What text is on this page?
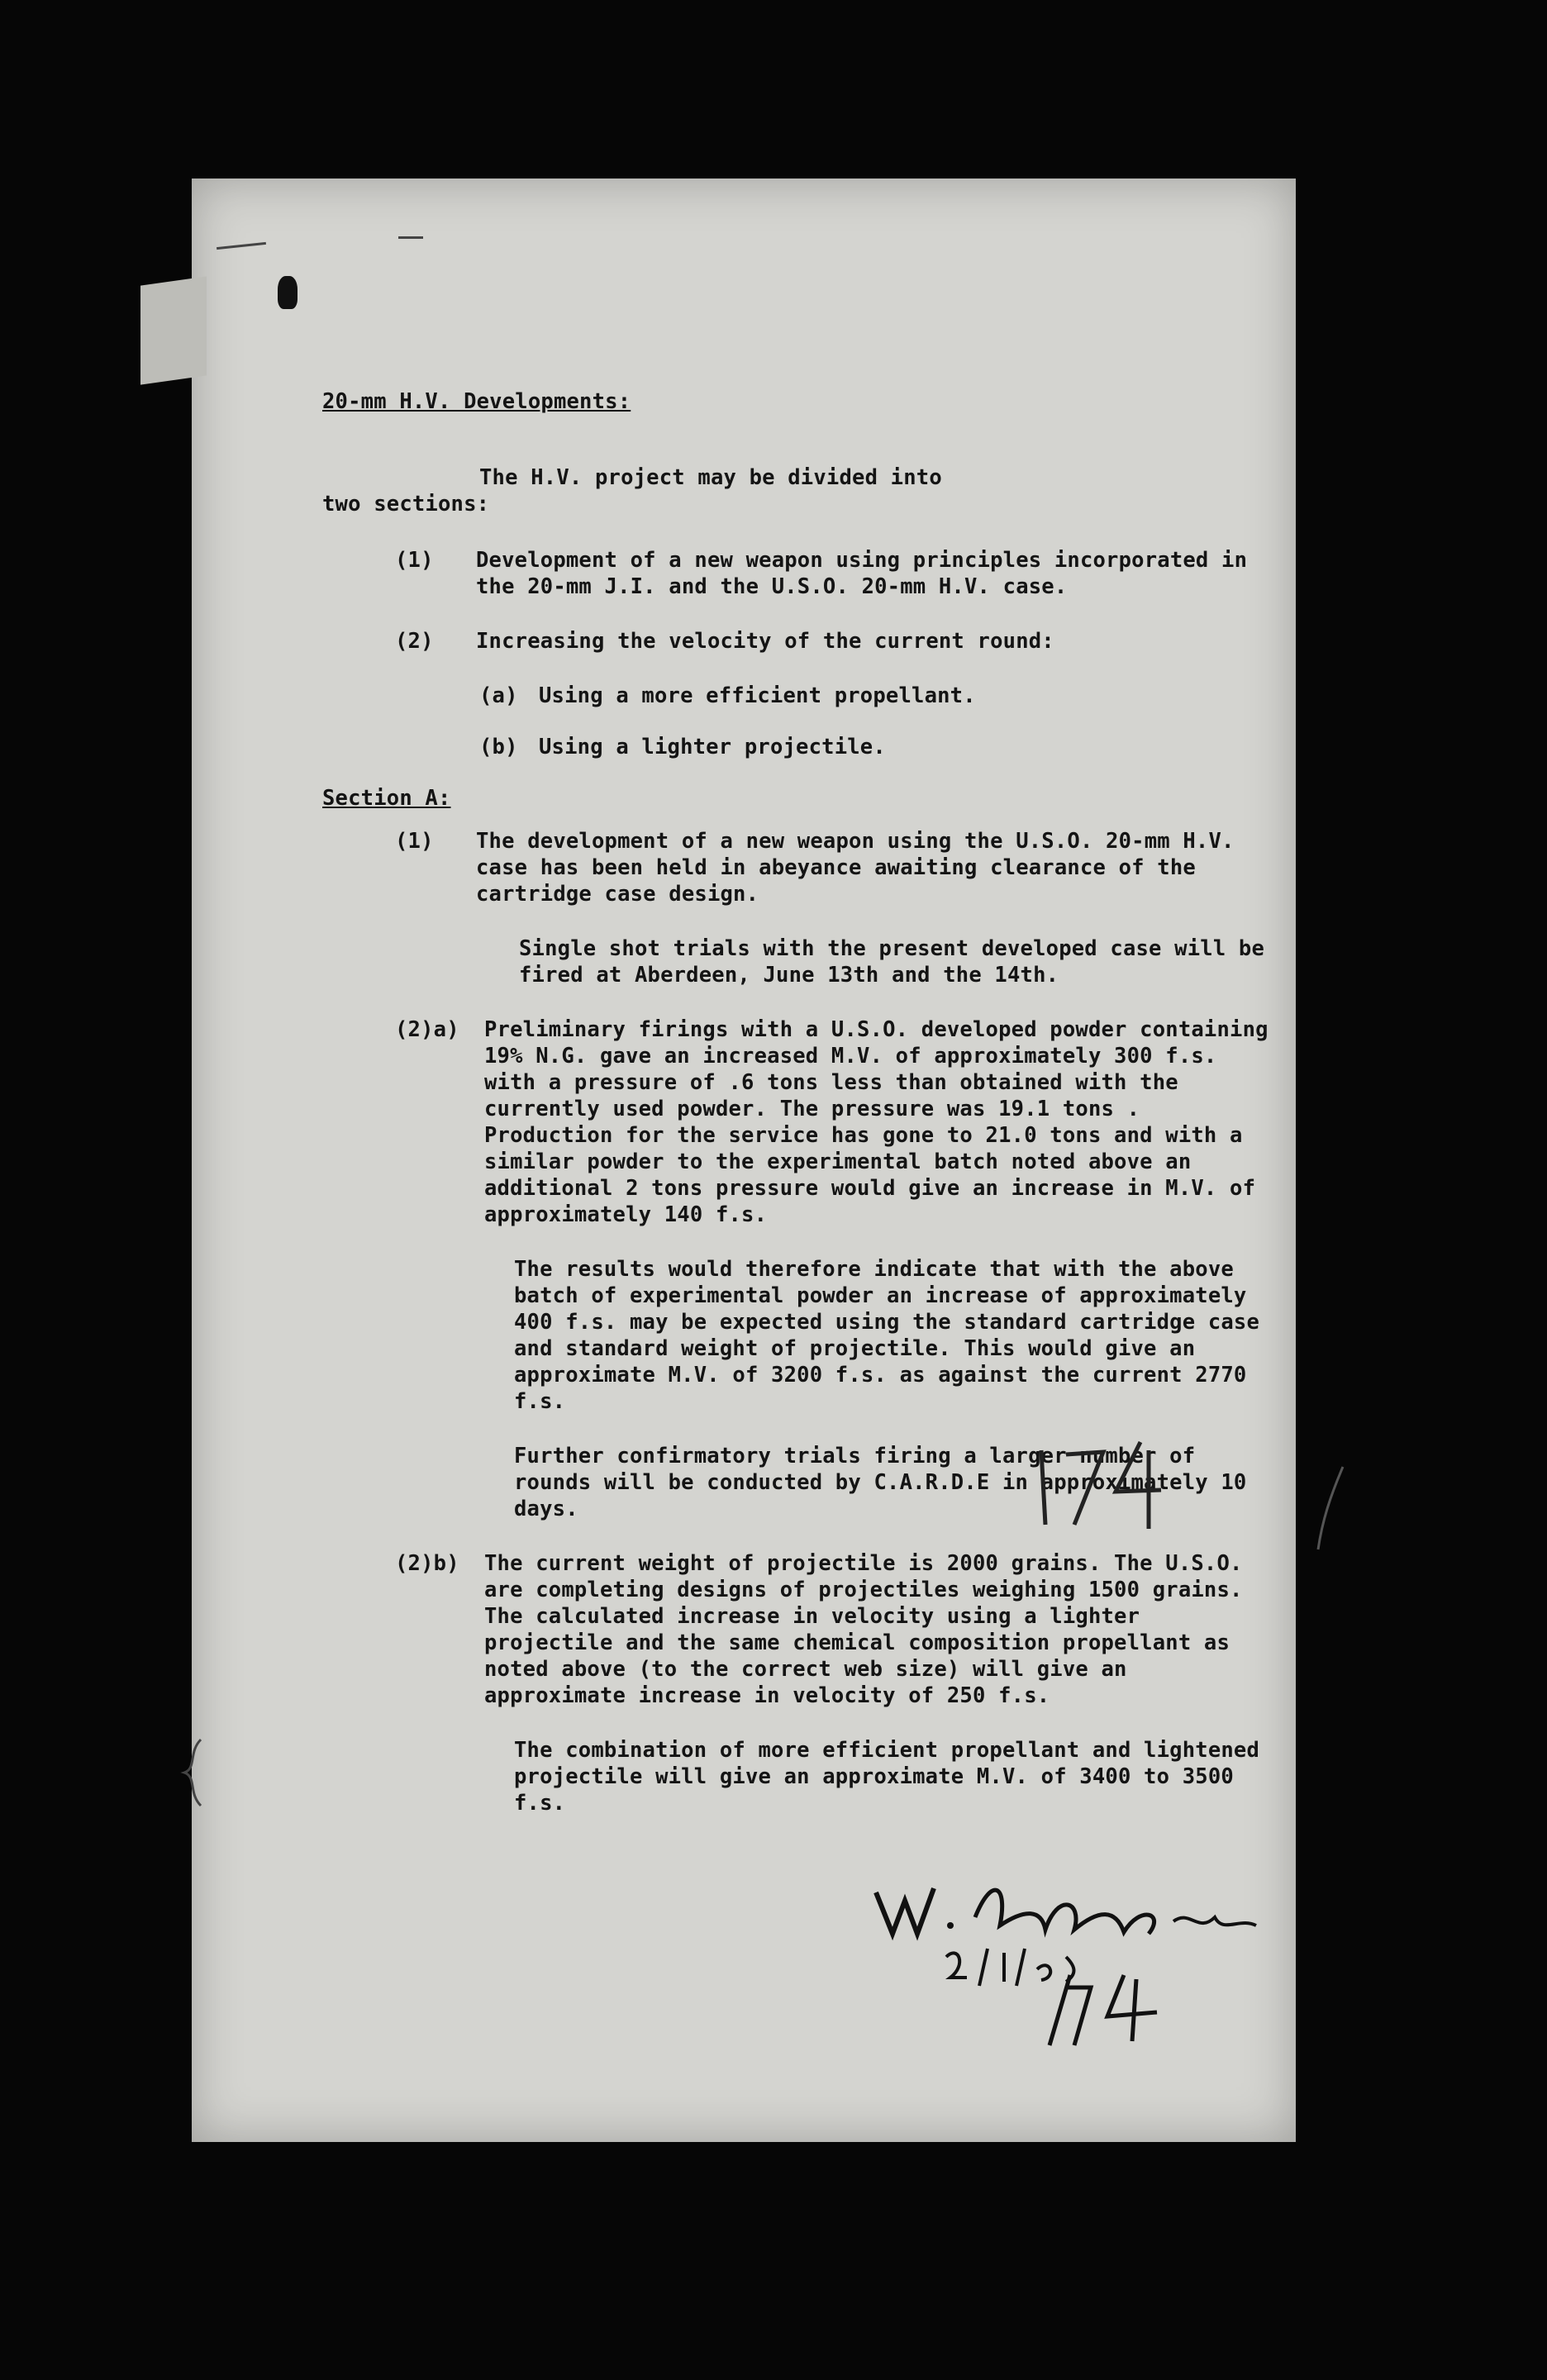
20-mm H.V. Developments:

The H.V. project may be divided into

two sections:

(1)	Development of a new weapon using principles incorporated in the 20-mm J.I. and the U.S.O. 20-mm H.V. case.
(2)	Increasing the velocity of the current round:
(a) Using a more efficient propellant.
(b) Using a lighter projectile.
Section A:
(1)	The development of a new weapon using the U.S.O. 20-mm H.V. case has been held in abeyance awaiting clearance of the cartridge case design.
Single shot trials with the present developed case will be fired at Aberdeen, June 13th and the 14th.
(2)a)	Preliminary firings with a U.S.O. developed powder containing 19% N.G. gave an increased M.V. of approximately 300 f.s. with a pressure of .6 tons less than obtained with the currently used powder. The pressure was 19.1 tons . Production for the service has gone to 21.0 tons and with a similar powder to the experimental batch noted above an additional 2 tons pressure would give an increase in M.V. of approximately 140 f.s.
The results would therefore indicate that with the above batch of experimental powder an increase of approximately 400 f.s. may be expected using the standard cartridge case and standard weight of projectile. This would give an approximate M.V. of 3200 f.s. as against the current 2770 f.s.
Further confirmatory trials firing a larger number of rounds will be conducted by C.A.R.D.E in approximately 10 days.
(2)b)	The current weight of projectile is 2000 grains. The U.S.O. are completing designs of projectiles weighing 1500 grains. The calculated increase in velocity using a lighter projectile and the same chemical composition propellant as noted above (to the correct web size) will give an approximate increase in velocity of 250 f.s.
The combination of more efficient propellant and lightened projectile will give an approximate M.V. of 3400 to 3500 f.s.
